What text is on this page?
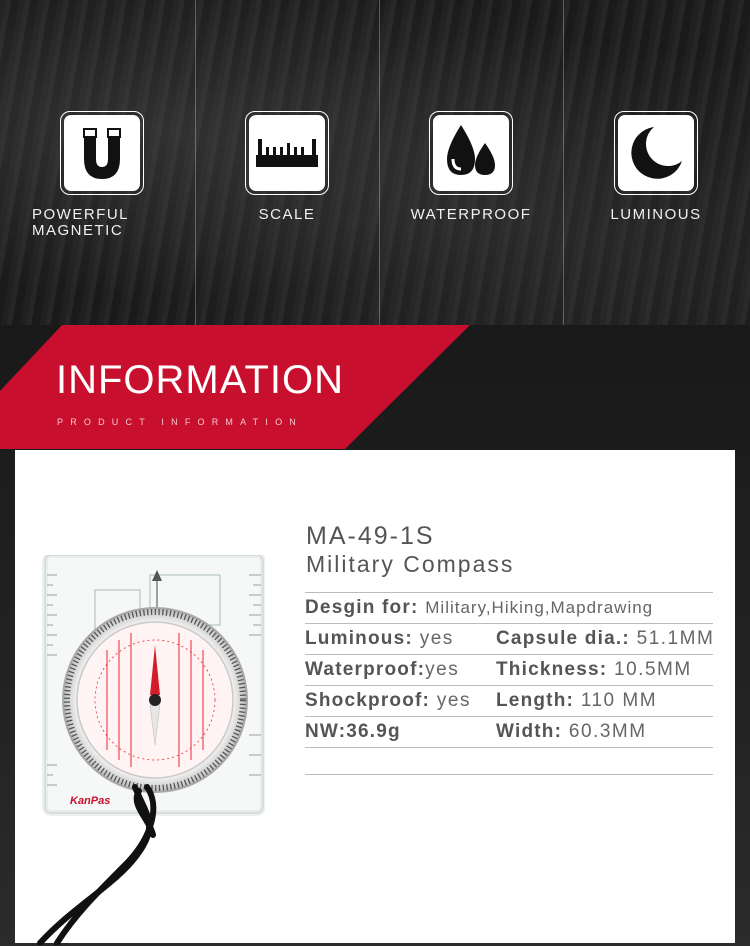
POWERFUL
MAGNETIC
SCALE	WATERPROOF	LUMINOUS
INFORMATION
PRODUCT INFORMATION
KanPas
MA-49-1S
Military Compass
Desgin for: Military,Hiking,Mapdrawing
Luminous: yes Capsule dia.: 51.1MM
Waterproof:yes Thickness: 10.5MM
Shockproof: yes Length: 110 MM
NW:36.9g	Width: 60.3MM
